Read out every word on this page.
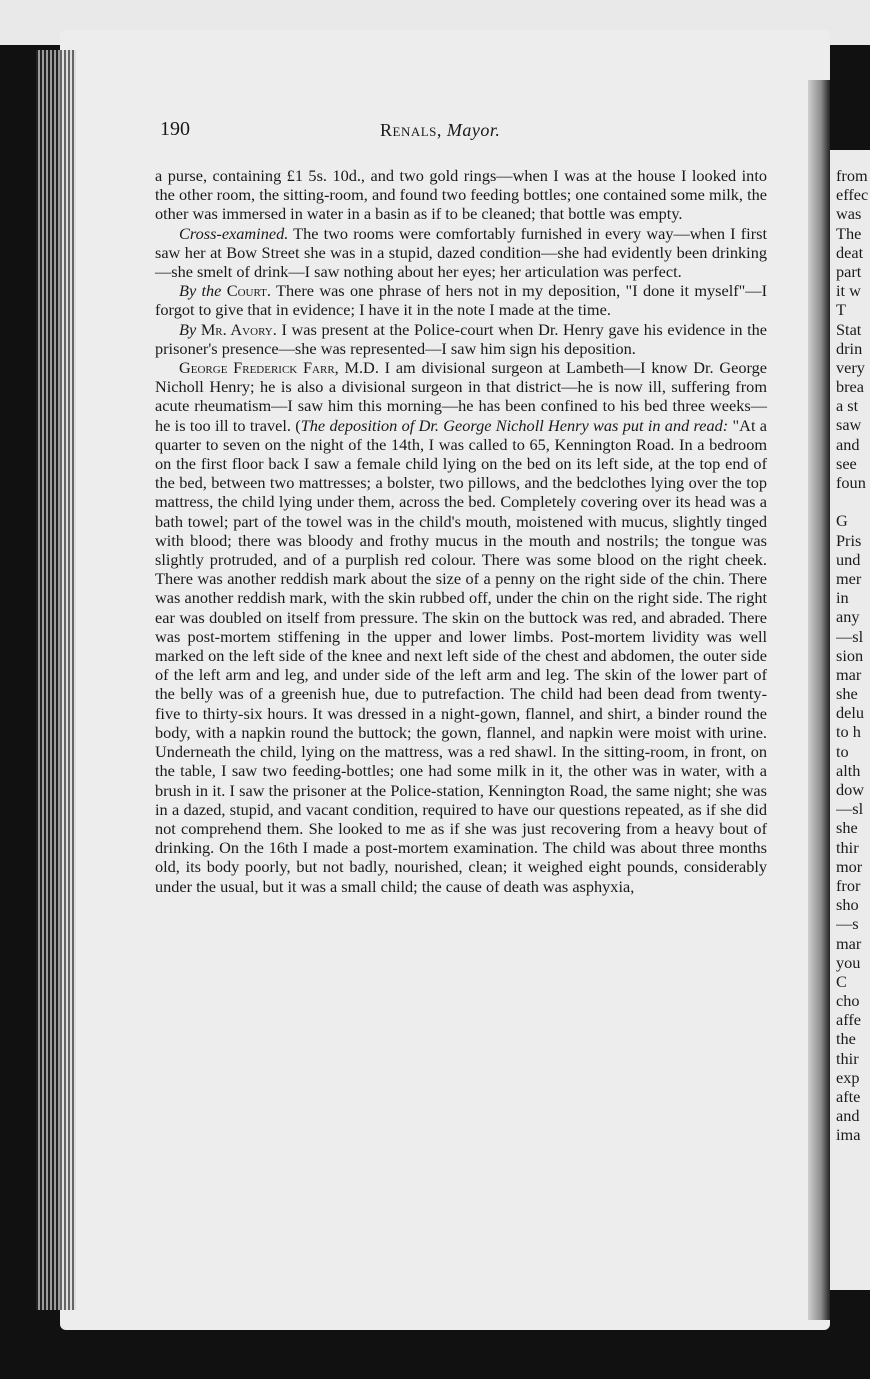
190	Renals, Mayor.

a purse, containing £1 5s. 10d., and two gold rings—when I was at the house I looked into the other room, the sitting-room, and found two feeding bottles; one contained some milk, the other was immersed in water in a basin as if to be cleaned; that bottle was empty.

Cross-examined. The two rooms were comfortably furnished in every way—when I first saw her at Bow Street she was in a stupid, dazed condition—she had evidently been drinking—she smelt of drink—I saw nothing about her eyes; her articulation was perfect.

By the Court. There was one phrase of hers not in my deposition, "I done it myself"—I forgot to give that in evidence; I have it in the note I made at the time.

By Mr. Avory. I was present at the Police-court when Dr. Henry gave his evidence in the prisoner's presence—she was represented—I saw him sign his deposition.

George Frederick Farr, M.D. I am divisional surgeon at Lambeth—I know Dr. George Nicholl Henry; he is also a divisional surgeon in that district—he is now ill, suffering from acute rheumatism—I saw him this morning—he has been confined to his bed three weeks—he is too ill to travel. (The deposition of Dr. George Nicholl Henry was put in and read: "At a quarter to seven on the night of the 14th, I was called to 65, Kennington Road. In a bedroom on the first floor back I saw a female child lying on the bed on its left side, at the top end of the bed, between two mattresses; a bolster, two pillows, and the bedclothes lying over the top mattress, the child lying under them, across the bed. Completely covering over its head was a bath towel; part of the towel was in the child's mouth, moistened with mucus, slightly tinged with blood; there was bloody and frothy mucus in the mouth and nostrils; the tongue was slightly protruded, and of a purplish red colour. There was some blood on the right cheek. There was another reddish mark about the size of a penny on the right side of the chin. There was another reddish mark, with the skin rubbed off, under the chin on the right side. The right ear was doubled on itself from pressure. The skin on the buttock was red, and abraded. There was post-mortem stiffening in the upper and lower limbs. Post-mortem lividity was well marked on the left side of the knee and next left side of the chest and abdomen, the outer side of the left arm and leg, and under side of the left arm and leg. The skin of the lower part of the belly was of a greenish hue, due to putrefaction. The child had been dead from twenty-five to thirty-six hours. It was dressed in a night-gown, flannel, and shirt, a binder round the body, with a napkin round the buttock; the gown, flannel, and napkin were moist with urine. Underneath the child, lying on the mattress, was a red shawl. In the sitting-room, in front, on the table, I saw two feeding-bottles; one had some milk in it, the other was in water, with a brush in it. I saw the prisoner at the Police-station, Kennington Road, the same night; she was in a dazed, stupid, and vacant condition, required to have our questions repeated, as if she did not comprehend them. She looked to me as if she was just recovering from a heavy bout of drinking. On the 16th I made a post-mortem examination. The child was about three months old, its body poorly, but not badly, nourished, clean; it weighed eight pounds, considerably under the usual, but it was a small child; the cause of death was asphyxia,

from
effec
was
The
deat
part
it w
T
Stat
drin
very
brea
a st
saw
and
see
foun
G
Pris
und
mer
in
any
—sl
sion
mar
she
delu
to h
to
alth
dow
—sl
she
thir
mor
fror
sho
—s
mar
you
C
cho
affe
the
thir
exp
afte
and
ima
